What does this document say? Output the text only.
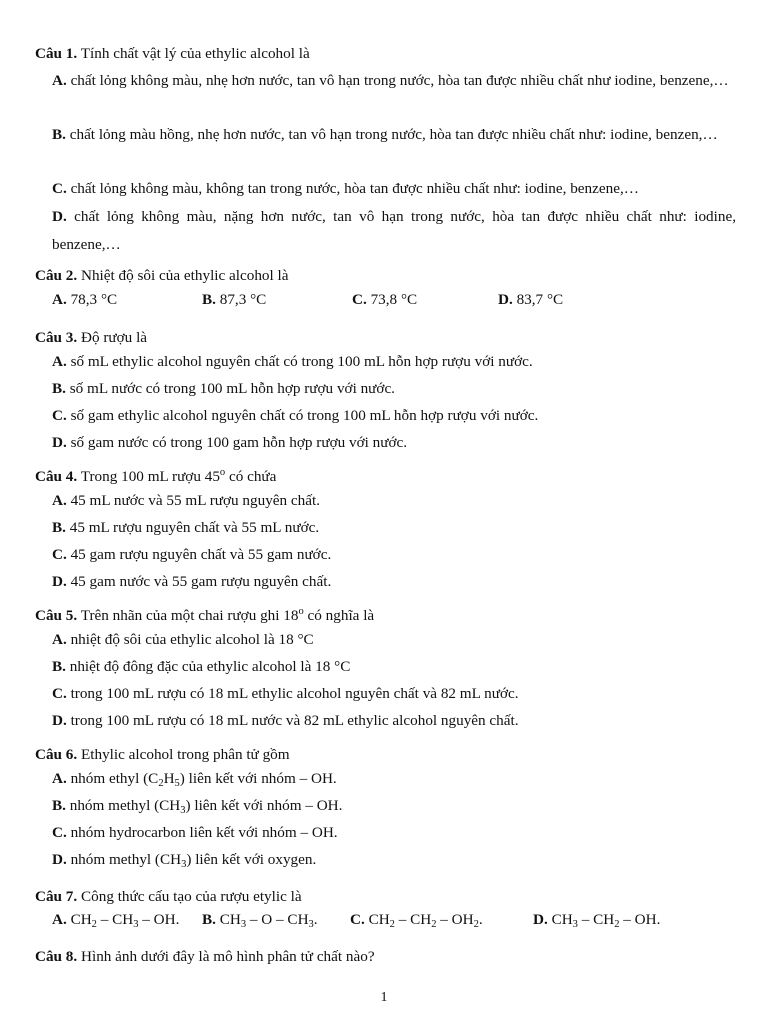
Câu 1. Tính chất vật lý của ethylic alcohol là
A. chất lỏng không màu, nhẹ hơn nước, tan vô hạn trong nước, hòa tan được nhiều chất như iodine, benzene,…
B. chất lỏng màu hồng, nhẹ hơn nước, tan vô hạn trong nước, hòa tan được nhiều chất như: iodine, benzen,…
C. chất lỏng không màu, không tan trong nước, hòa tan được nhiều chất như: iodine, benzene,…
D. chất lỏng không màu, nặng hơn nước, tan vô hạn trong nước, hòa tan được nhiều chất như: iodine, benzene,…
Câu 2. Nhiệt độ sôi của ethylic alcohol là
A. 78,3 °C	B. 87,3 °C	C. 73,8 °C	D. 83,7 °C
Câu 3. Độ rượu là
A. số mL ethylic alcohol nguyên chất có trong 100 mL hỗn hợp rượu với nước.
B. số mL nước có trong 100 mL hỗn hợp rượu với nước.
C. số gam ethylic alcohol nguyên chất có trong 100 mL hỗn hợp rượu với nước.
D. số gam nước có trong 100 gam hỗn hợp rượu với nước.
Câu 4. Trong 100 mL rượu 45$^o$ có chứa
A. 45 mL nước và 55 mL rượu nguyên chất.
B. 45 mL rượu nguyên chất và 55 mL nước.
C. 45 gam rượu nguyên chất và 55 gam nước.
D. 45 gam nước và 55 gam rượu nguyên chất.
Câu 5. Trên nhãn của một chai rượu ghi 18$^o$ có nghĩa là
A. nhiệt độ sôi của ethylic alcohol là 18 °C
B. nhiệt độ đông đặc của ethylic alcohol là 18 °C
C. trong 100 mL rượu có 18 mL ethylic alcohol nguyên chất và 82 mL nước.
D. trong 100 mL rượu có 18 mL nước và 82 mL ethylic alcohol nguyên chất.
Câu 6. Ethylic alcohol trong phân tử gồm
A. nhóm ethyl $(C_2H_5)$ liên kết với nhóm – OH.
B. nhóm methyl $(CH_3)$ liên kết với nhóm – OH.
C. nhóm hydrocarbon liên kết với nhóm – OH.
D. nhóm methyl $(CH_3)$ liên kết với oxygen.
Câu 7. Công thức cấu tạo của rượu etylic là
A. $CH_2 - CH_3$ – OH. B. $CH_3$ – O – $CH_3$. C. $CH_2 - CH_2 - OH_2$.	D. $CH_3 - CH_2$ – OH.
Câu 8. Hình ảnh dưới đây là mô hình phân tử chất nào?
1
